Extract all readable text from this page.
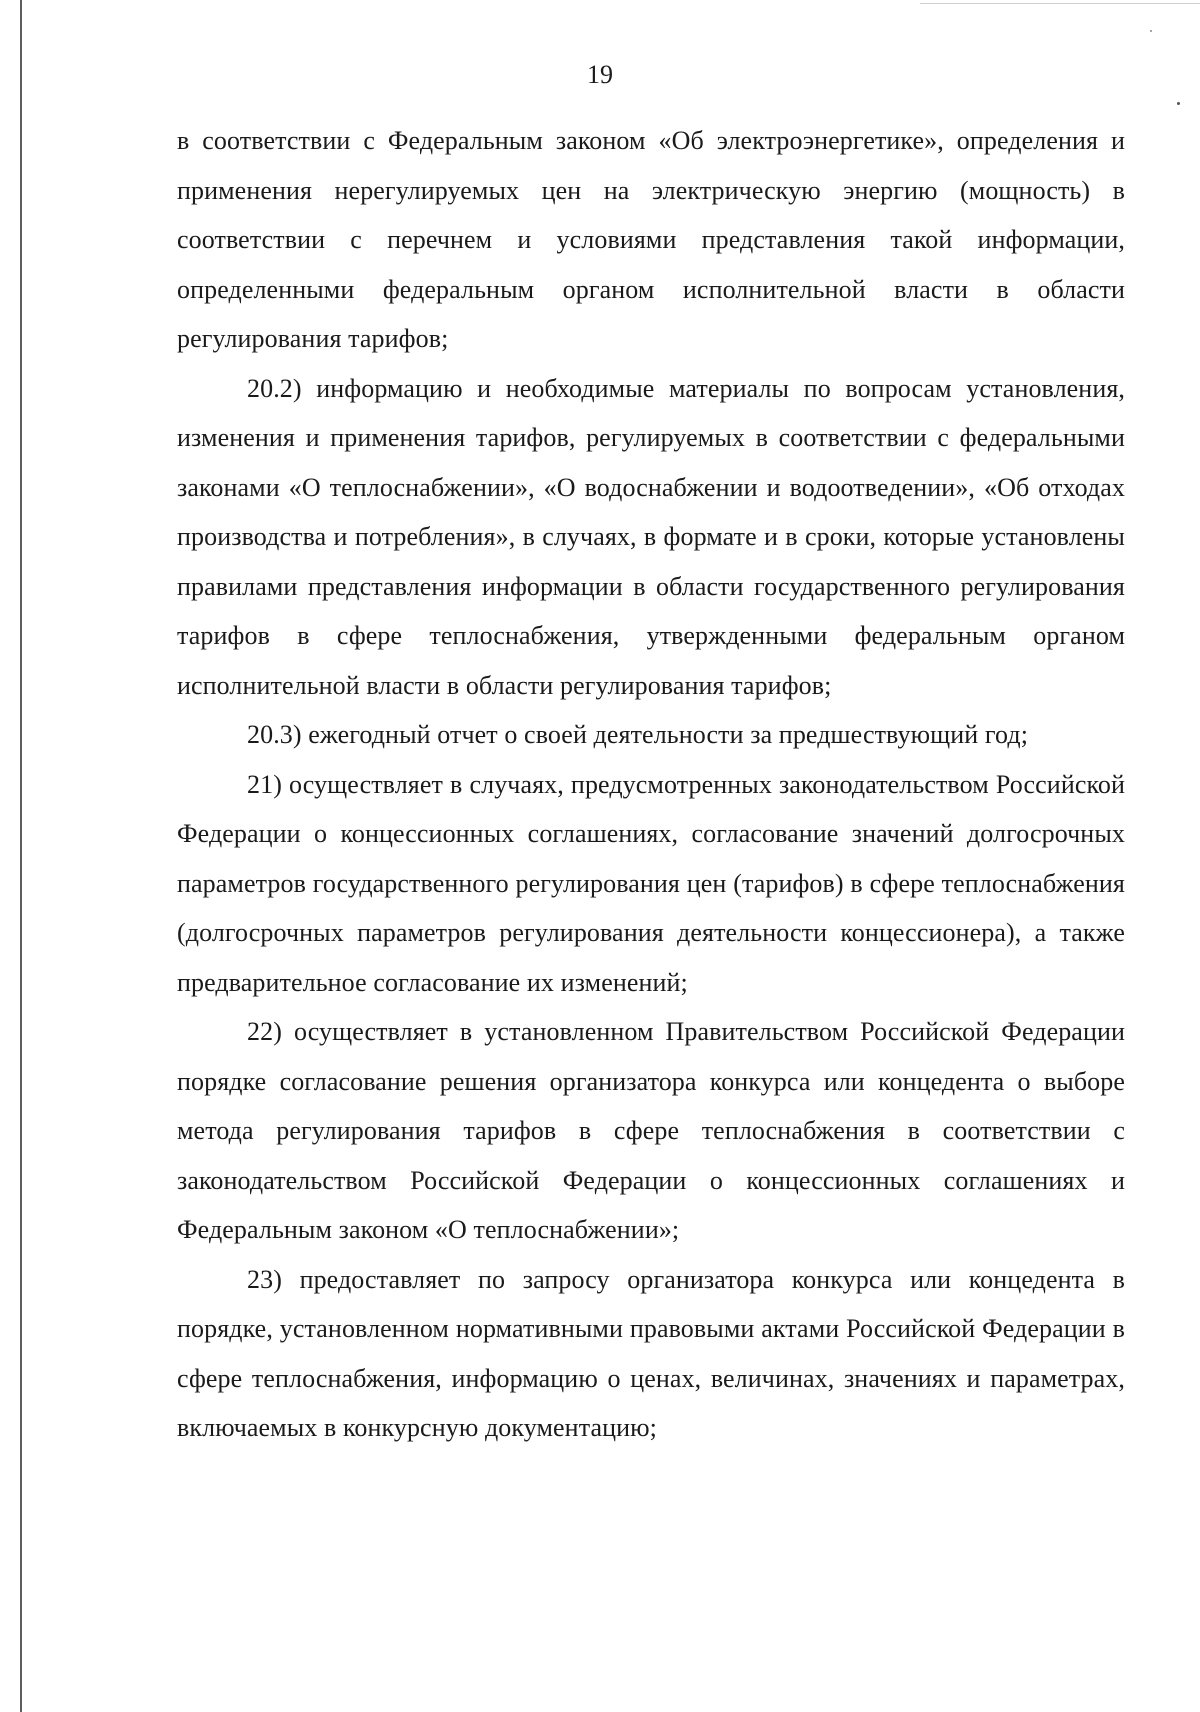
19

в соответствии с Федеральным законом «Об электроэнергетике», определения и применения нерегулируемых цен на электрическую энергию (мощность) в соответствии с перечнем и условиями представления такой информации, определенными федеральным органом исполнительной власти в области регулирования тарифов;

20.2) информацию и необходимые материалы по вопросам установления, изменения и применения тарифов, регулируемых в соответствии с федеральными законами «О теплоснабжении», «О водоснабжении и водоотведении», «Об отходах производства и потребления», в случаях, в формате и в сроки, которые установлены правилами представления информации в области государственного регулирования тарифов в сфере теплоснабжения, утвержденными федеральным органом исполнительной власти в области регулирования тарифов;

20.3) ежегодный отчет о своей деятельности за предшествующий год;

21) осуществляет в случаях, предусмотренных законодательством Российской Федерации о концессионных соглашениях, согласование значений долгосрочных параметров государственного регулирования цен (тарифов) в сфере теплоснабжения (долгосрочных параметров регулирования деятельности концессионера), а также предварительное согласование их изменений;

22) осуществляет в установленном Правительством Российской Федерации порядке согласование решения организатора конкурса или концедента о выборе метода регулирования тарифов в сфере теплоснабжения в соответствии с законодательством Российской Федерации о концессионных соглашениях и Федеральным законом «О теплоснабжении»;

23) предоставляет по запросу организатора конкурса или концедента в порядке, установленном нормативными правовыми актами Российской Федерации в сфере теплоснабжения, информацию о ценах, величинах, значениях и параметрах, включаемых в конкурсную документацию;
